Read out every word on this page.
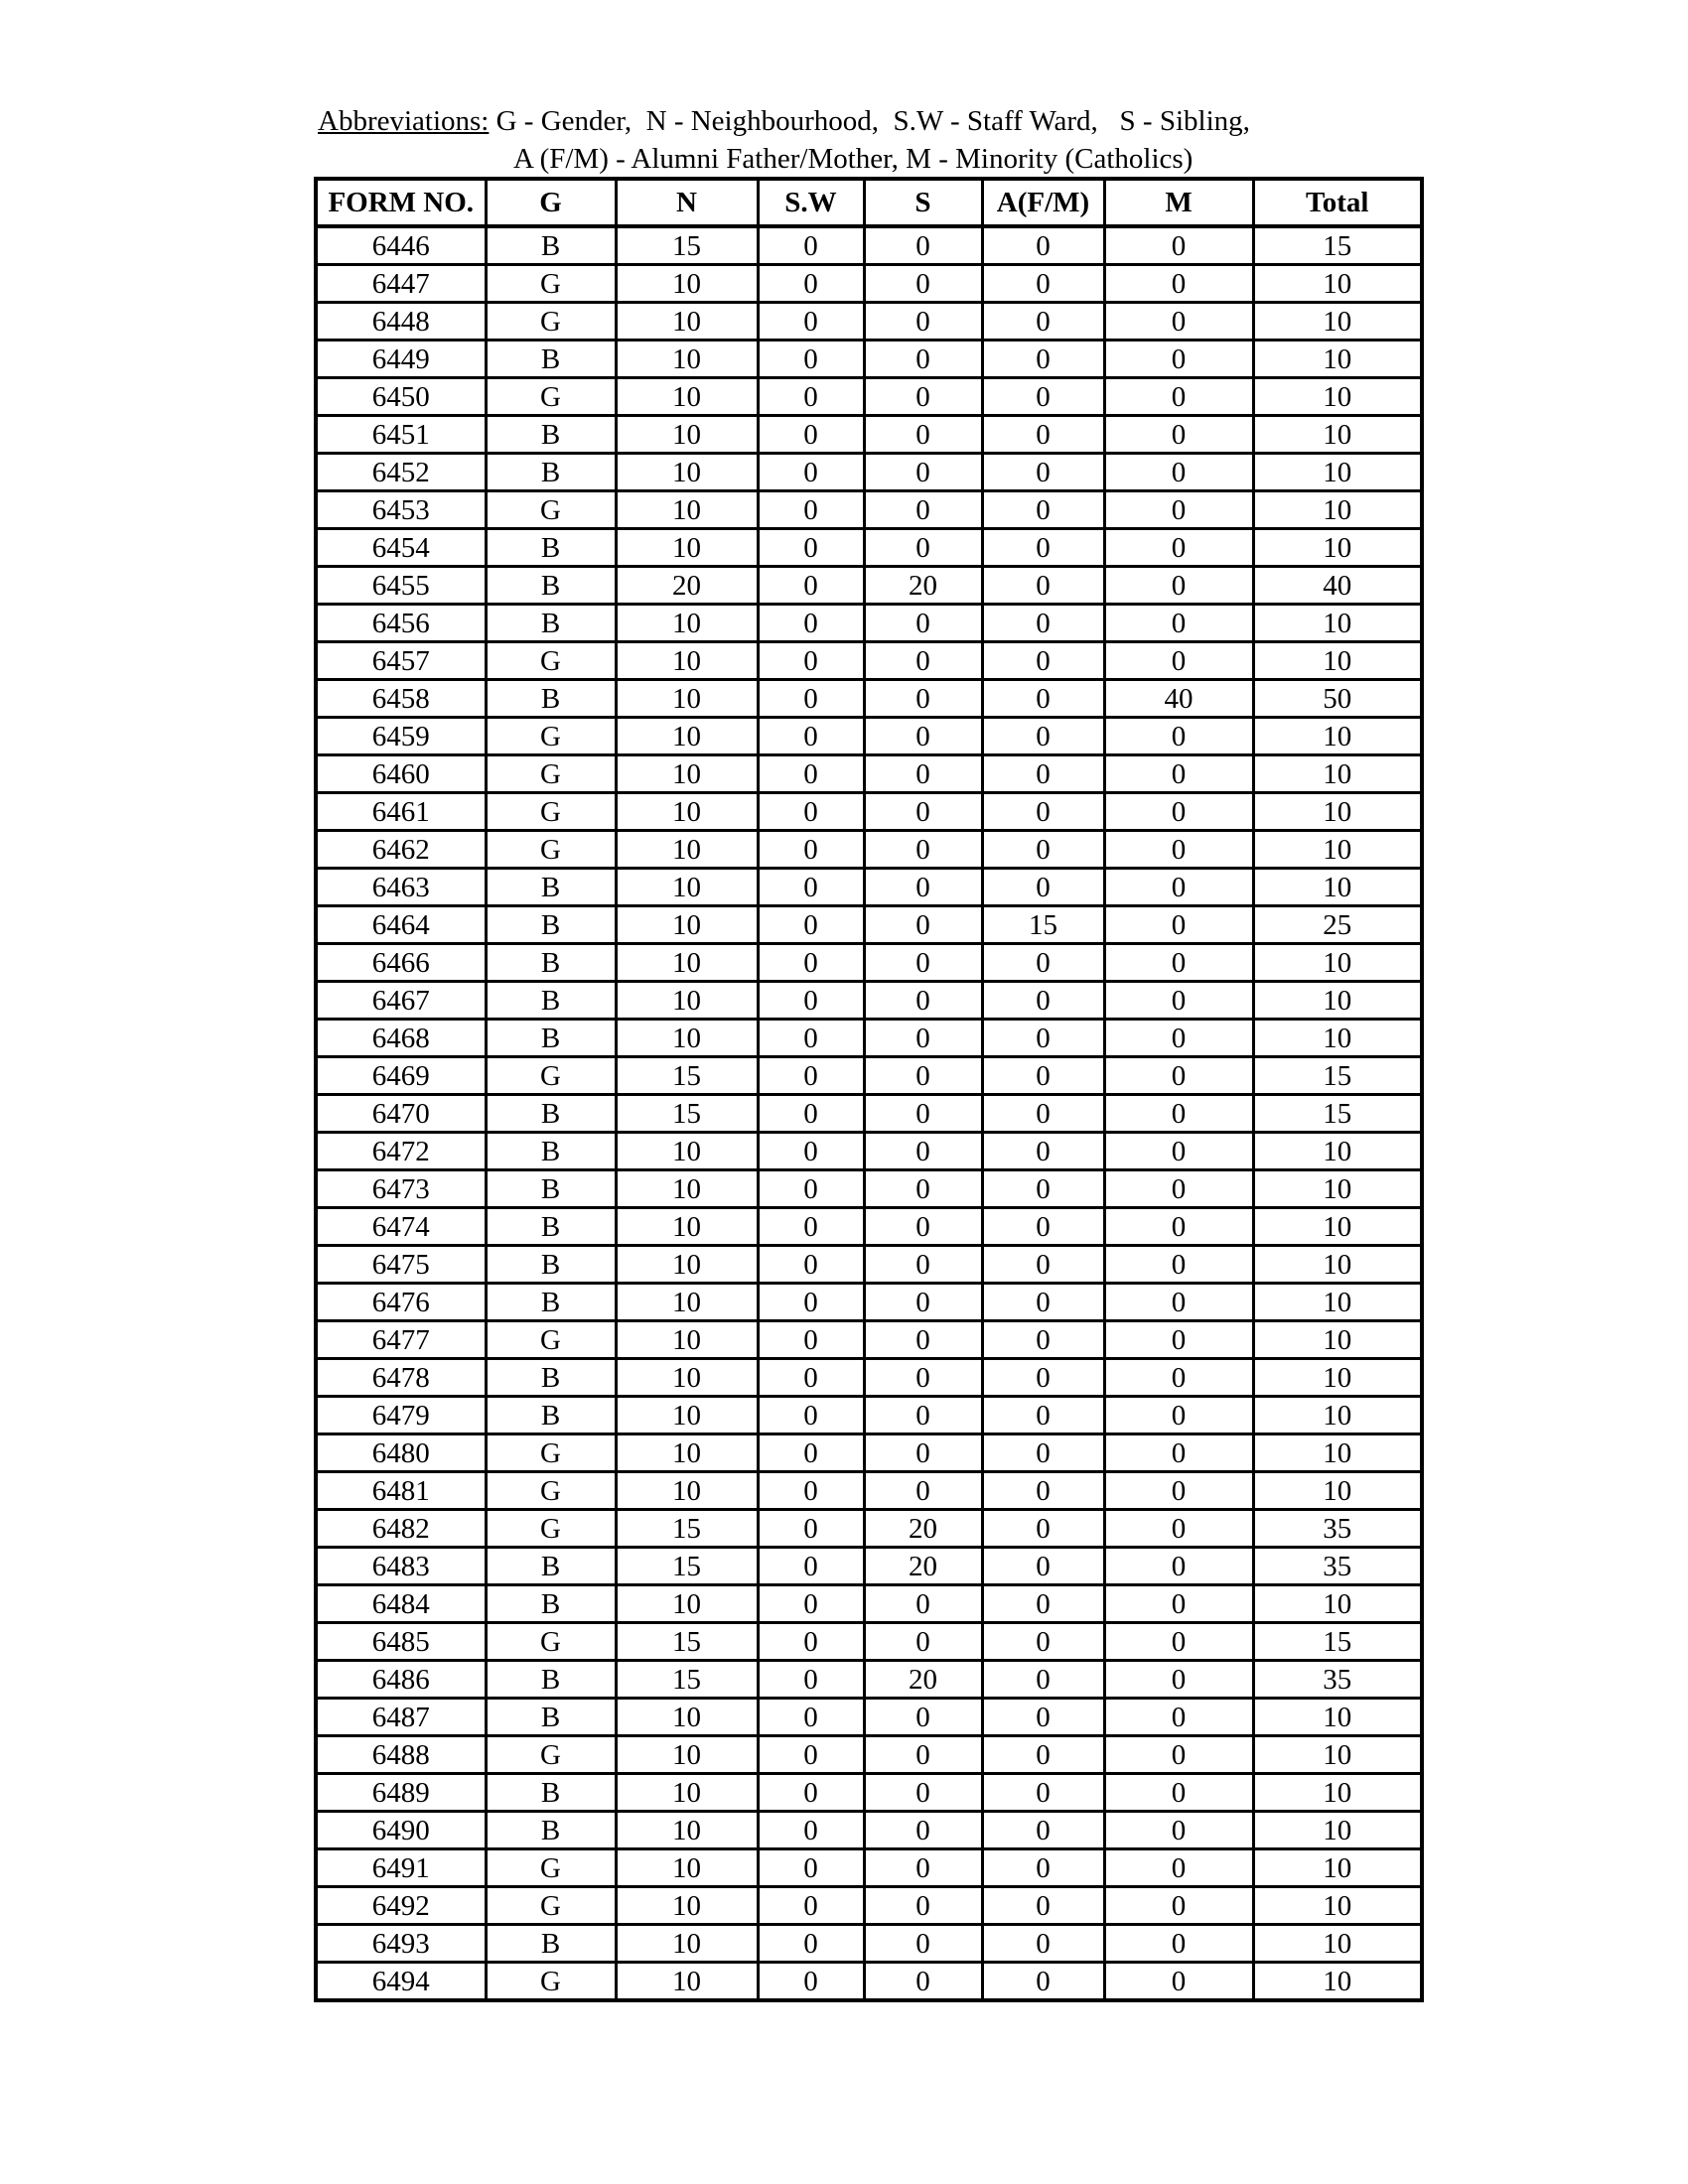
Abbreviations: G - Gender,  N - Neighbourhood,  S.W - Staff Ward,   S - Sibling,
A (F/M) - Alumni Father/Mother, M - Minority (Catholics)
FORM NO.	G	N	S.W	S	A(F/M)	M	Total
6446	B	15	0	0	0	0	15
6447	G	10	0	0	0	0	10
6448	G	10	0	0	0	0	10
6449	B	10	0	0	0	0	10
6450	G	10	0	0	0	0	10
6451	B	10	0	0	0	0	10
6452	B	10	0	0	0	0	10
6453	G	10	0	0	0	0	10
6454	B	10	0	0	0	0	10
6455	B	20	0	20	0	0	40
6456	B	10	0	0	0	0	10
6457	G	10	0	0	0	0	10
6458	B	10	0	0	0	40	50
6459	G	10	0	0	0	0	10
6460	G	10	0	0	0	0	10
6461	G	10	0	0	0	0	10
6462	G	10	0	0	0	0	10
6463	B	10	0	0	0	0	10
6464	B	10	0	0	15	0	25
6466	B	10	0	0	0	0	10
6467	B	10	0	0	0	0	10
6468	B	10	0	0	0	0	10
6469	G	15	0	0	0	0	15
6470	B	15	0	0	0	0	15
6472	B	10	0	0	0	0	10
6473	B	10	0	0	0	0	10
6474	B	10	0	0	0	0	10
6475	B	10	0	0	0	0	10
6476	B	10	0	0	0	0	10
6477	G	10	0	0	0	0	10
6478	B	10	0	0	0	0	10
6479	B	10	0	0	0	0	10
6480	G	10	0	0	0	0	10
6481	G	10	0	0	0	0	10
6482	G	15	0	20	0	0	35
6483	B	15	0	20	0	0	35
6484	B	10	0	0	0	0	10
6485	G	15	0	0	0	0	15
6486	B	15	0	20	0	0	35
6487	B	10	0	0	0	0	10
6488	G	10	0	0	0	0	10
6489	B	10	0	0	0	0	10
6490	B	10	0	0	0	0	10
6491	G	10	0	0	0	0	10
6492	G	10	0	0	0	0	10
6493	B	10	0	0	0	0	10
6494	G	10	0	0	0	0	10
